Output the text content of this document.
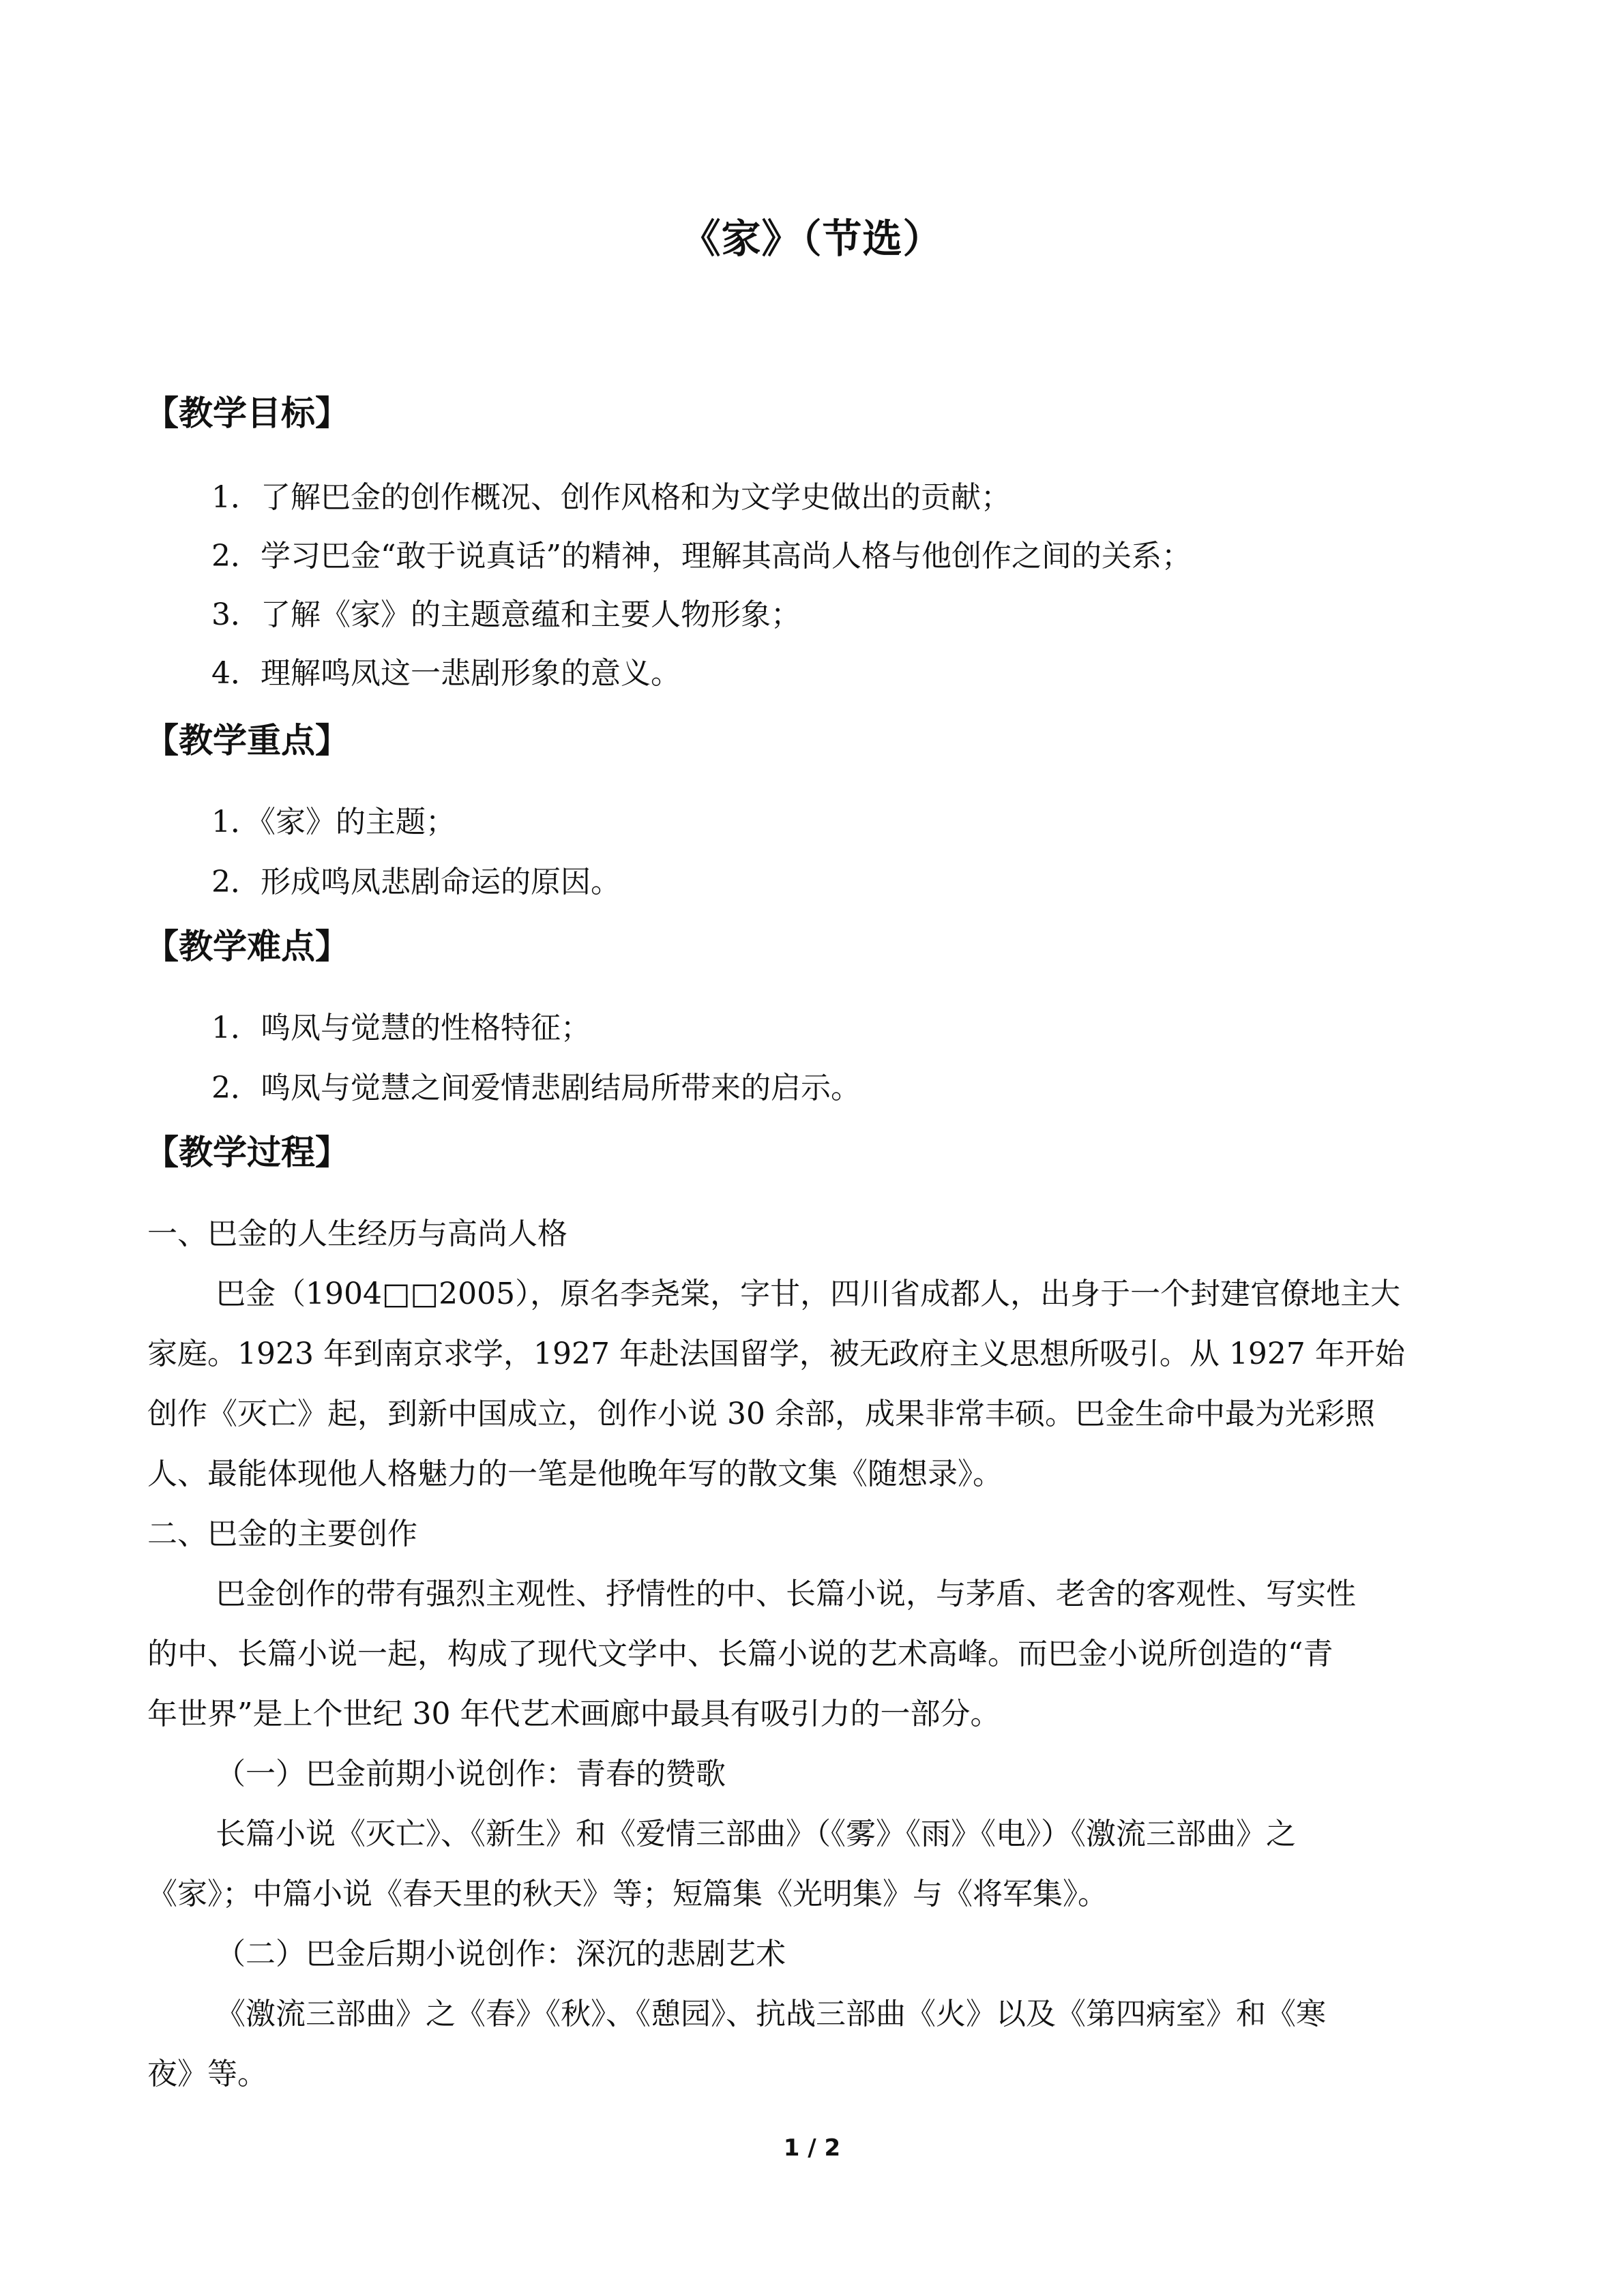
《家》（节选）
【教学目标】
1．了解巴金的创作概况、创作风格和为文学史做出的贡献；
2．学习巴金“敢于说真话”的精神，理解其高尚人格与他创作之间的关系；
3．了解《家》的主题意蕴和主要人物形象；
4．理解鸣凤这一悲剧形象的意义。
【教学重点】
1．《家》的主题；
2．形成鸣凤悲剧命运的原因。
【教学难点】
1．鸣凤与觉慧的性格特征；
2．鸣凤与觉慧之间爱情悲剧结局所带来的启示。
【教学过程】
一、巴金的人生经历与高尚人格
巴金（1904□□2005），原名李尧棠，字甘，四川省成都人，出身于一个封建官僚地主大
家庭。1923 年到南京求学，1927 年赴法国留学，被无政府主义思想所吸引。从 1927 年开始
创作《灭亡》起，到新中国成立，创作小说 30 余部，成果非常丰硕。巴金生命中最为光彩照
人、最能体现他人格魅力的一笔是他晚年写的散文集《随想录》。
二、巴金的主要创作
巴金创作的带有强烈主观性、抒情性的中、长篇小说，与茅盾、老舍的客观性、写实性
的中、长篇小说一起，构成了现代文学中、长篇小说的艺术高峰。而巴金小说所创造的“青
年世界”是上个世纪 30 年代艺术画廊中最具有吸引力的一部分。
（一）巴金前期小说创作：青春的赞歌
长篇小说《灭亡》、《新生》和《爱情三部曲》（《雾》《雨》《电》）《激流三部曲》之
《家》；中篇小说《春天里的秋天》等；短篇集《光明集》与《将军集》。
（二）巴金后期小说创作：深沉的悲剧艺术
《激流三部曲》之《春》《秋》、《憩园》、抗战三部曲《火》以及《第四病室》和《寒
夜》等。
1 / 2
